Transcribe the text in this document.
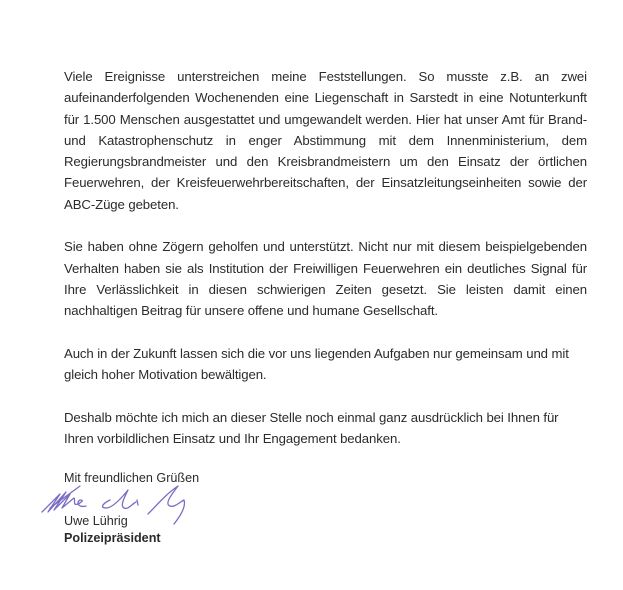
Viele Ereignisse unterstreichen meine Feststellungen. So musste z.B. an zwei aufeinanderfolgenden Wochenenden eine Liegenschaft in Sarstedt in eine Notunterkunft für 1.500 Menschen ausgestattet und umgewandelt werden. Hier hat unser Amt für Brand- und Katastrophenschutz in enger Abstimmung mit dem Innenministerium, dem Regierungsbrandmeister und den Kreisbrandmeistern um den Einsatz der örtlichen Feuerwehren, der Kreisfeuerwehrbereitschaften, der Einsatzleitungseinheiten sowie der ABC-Züge gebeten.

Sie haben ohne Zögern geholfen und unterstützt. Nicht nur mit diesem beispielgebenden Verhalten haben sie als Institution der Freiwilligen Feuerwehren ein deutliches Signal für Ihre Verlässlichkeit in diesen schwierigen Zeiten gesetzt. Sie leisten damit einen nachhaltigen Beitrag für unsere offene und humane Gesellschaft.

Auch in der Zukunft lassen sich die vor uns liegenden Aufgaben nur gemeinsam und mit gleich hoher Motivation bewältigen.

Deshalb möchte ich mich an dieser Stelle noch einmal ganz ausdrücklich bei Ihnen für Ihren vorbildlichen Einsatz und Ihr Engagement bedanken.

Mit freundlichen Grüßen
Uwe Lührig
Polizeipräsident
